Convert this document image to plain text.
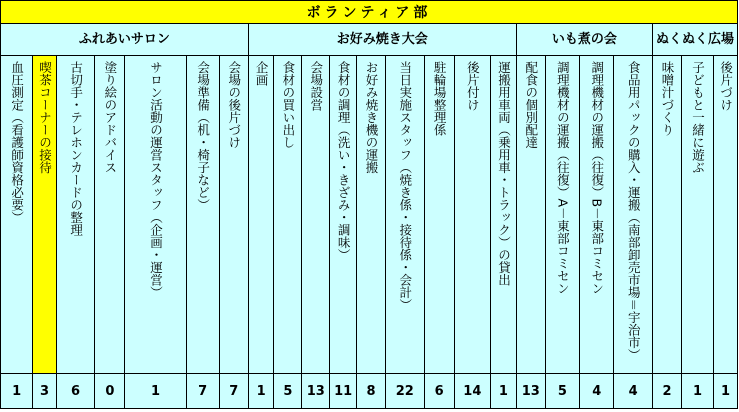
ボランティア部																						
ふれあいサロン							お好み焼き大会									いも煮の会				ぬくぬく広場		

血圧測定（看護師資格必要）	喫茶コーナーの接待	古切手・テレホンカードの整理	塗り絵のアドバイス	サロン活動の運営スタッフ（企画・運営）	会場準備（机・椅子など）	会場の後片づけ	企画	食材の買い出し	会場設営	食材の調理（洗い・きざみ・調味）	お好み焼き機の運搬	当日実施スタッフ（焼き係・接待係・会計）	駐輪場整理係	後片付け	運搬用車両（乗用車・トラック）の貸出	配食の個別配達	調理機材の運搬（往復）A－東部コミセン	調理機材の運搬（往復）B－東部コミセン	食品用パックの購入・運搬（南部卸売市場＝宇治市）	味噌汁づくり	子どもと一緒に遊ぶ	後片づけ

1	3	6	0	1	7	7	1	5	13	11	8	22	6	14	1	13	5	4	4	2	1	1
